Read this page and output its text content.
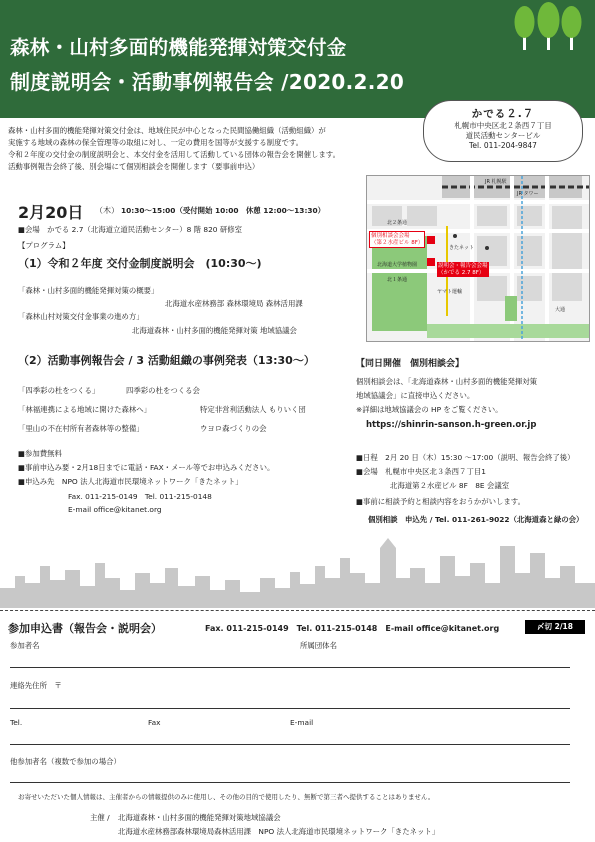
森林・山村多面的機能発揮対策交付金
制度説明会・活動事例報告会 /2020.2.20
かでる２.７
札幌市中央区北２条西７丁目
道民活動センタービル
Tel. 011-204-9847
森林・山村多面的機能発揮対策交付金は、地域住民が中心となった民間協働組織（活動組織）が
実施する地域の森林の保全管理等の取組に対し、一定の費用を国等が支援する制度です。
令和２年度の交付金の制度説明会と、本交付金を活用して活動している団体の報告会を開催します。
活動事例報告会終了後、別会場にて個別相談会を開催します（要事前申込）
2月20日 （木） 10:30〜15:00（受付開始 10:00　休憩 12:00〜13:30）
■会場　かでる 2.7（北海道立道民活動センター）8 階 820 研修室
【プログラム】
（1）令和２年度 交付金制度説明会　(10:30〜)
「森林・山村多面的機能発揮対策の概要」
北海道水産林務部 森林環境局 森林活用課
「森林山村対策交付金事業の進め方」
北海道森林・山村多面的機能発揮対策 地域協議会
（2）活動事例報告会 / 3 活動組織の事例発表（13:30〜）
「四季彩の杜をつくる」	四季彩の杜をつくる会
「林福連携による地域に開けた森林へ」	特定非営利活動法人 もりいく団
「里山の不在村所有者森林等の整備」	ウヨロ森づくりの会
■参加費無料
■事前申込み要・2月18日までに電話・FAX・メール等でお申込みください。
■申込み先　NPO 法人北海道市民環境ネットワーク「きたネット」
Fax. 011-215-0149　Tel. 011-215-0148
E-mail office@kitanet.org
個別相談会会場
（第２水産ビル 8F）
説明会・報告会会場
（かでる 2.7 8F）
北海道大学植物園
JR 札幌駅
JR タワー
北２条通
北１条通
きたネット
ヤマト運輸
大通
【同日開催　個別相談会】
個別相談会は、「北海道森林・山村多面的機能発揮対策
地域協議会」に直接申込ください。
※詳細は地域協議会の HP をご覧ください。
https://shinrin-sanson.h-green.or.jp
■日程　2月 20 日（木）15:30 〜17:00（説明、報告会終了後）
■会場　札幌市中央区北３条西７丁目1
北海道第２水産ビル 8F　8E 会議室
■事前に相談予約と相談内容をおうかがいします。
個別相談　申込先 / Tel. 011-261-9022（北海道森と緑の会）
参加申込書（報告会・説明会）	Fax. 011-215-0149　Tel. 011-215-0148　E-mail office@kitanet.org	〆切 2/18
参加者名	所属団体名
連絡先住所　〒
Tel.	Fax	E-mail
他参加者名（複数で参加の場合）
お寄せいただいた個人情報は、主催者からの情報提供のみに使用し、その他の目的で使用したり、無断で第三者へ提供することはありません。
主催 / 北海道森林・山村多面的機能発揮対策地域協議会
北海道水産林務部森林環境局森林活用課　NPO 法人北海道市民環境ネットワーク「きたネット」
